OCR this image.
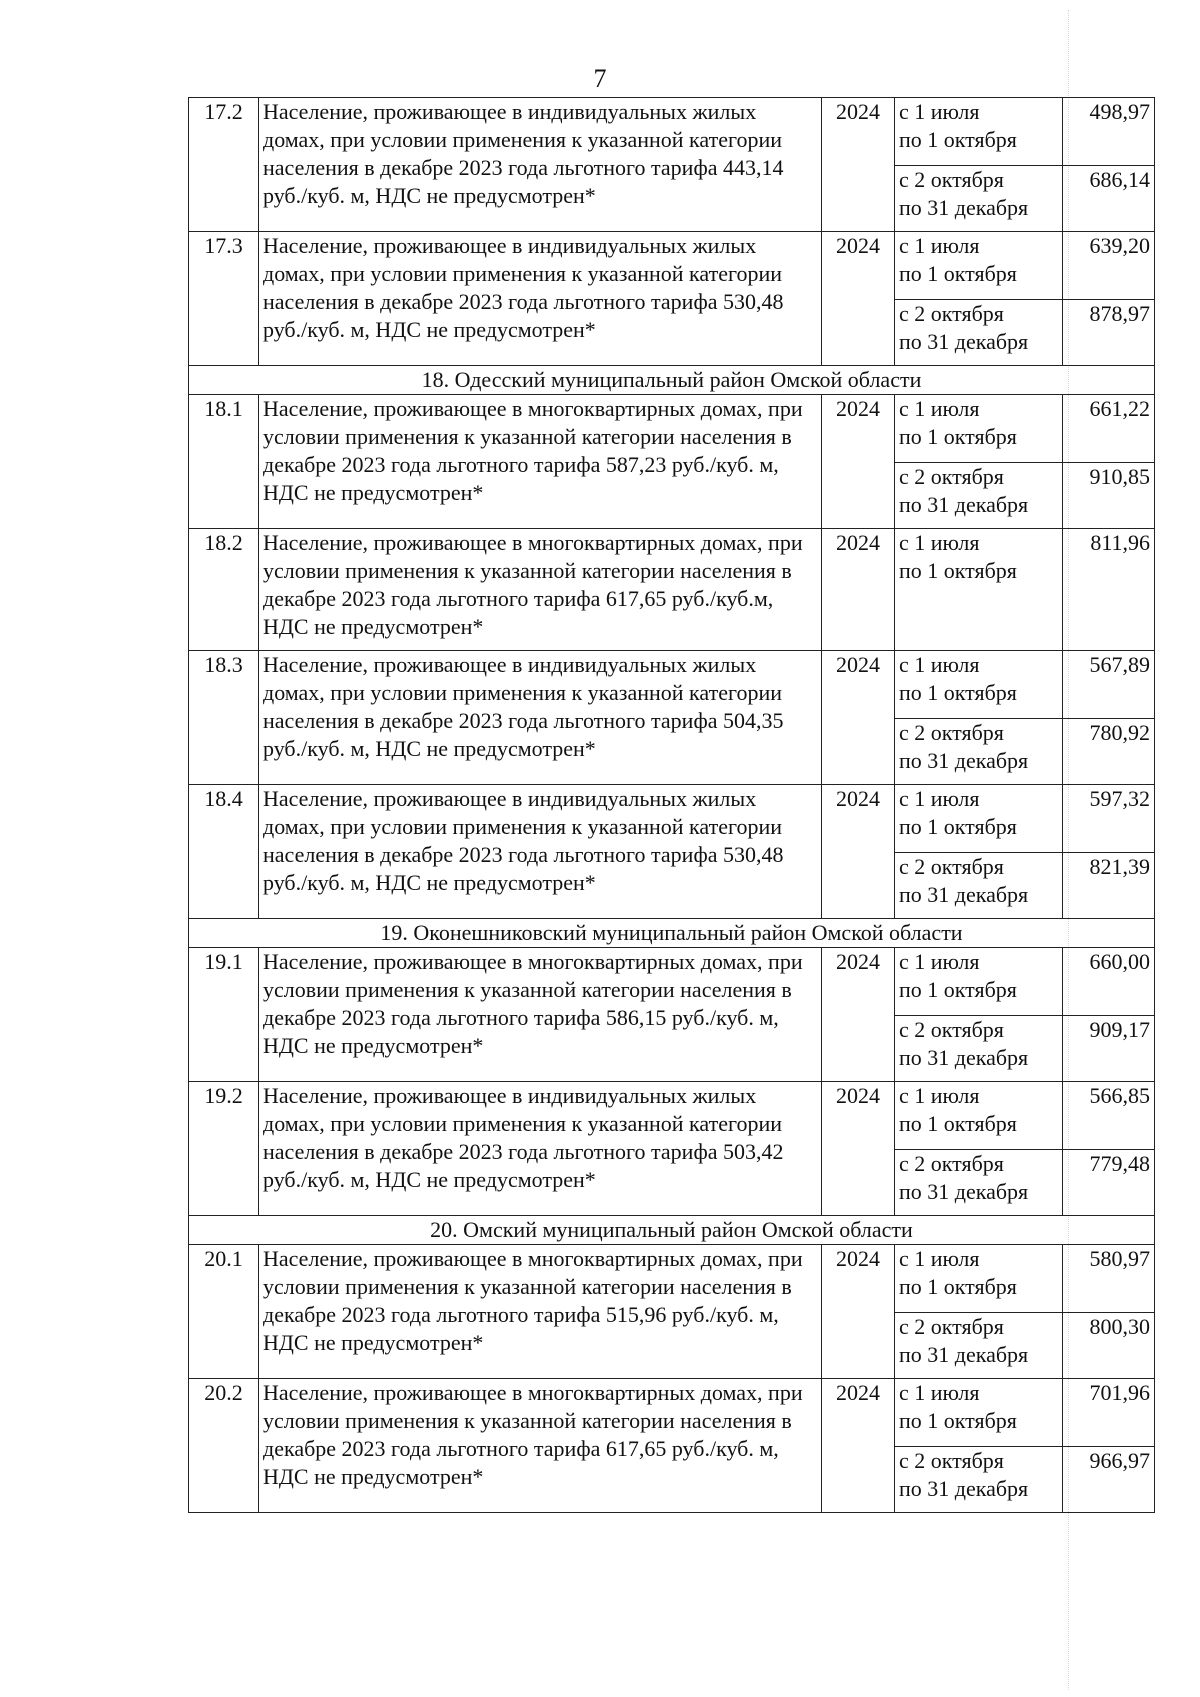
7
17.2	Население, проживающее в индивидуальных жилых домах, при условии применения к указанной категории населения в декабре 2023 года льготного тарифа 443,14 руб./куб. м, НДС не предусмотрен*	2024	с 1 июля
по 1 октября	498,97

			с 2 октября
по 31 декабря	686,14
17.3	Население, проживающее в индивидуальных жилых домах, при условии применения к указанной категории населения в декабре 2023 года льготного тарифа 530,48 руб./куб. м, НДС не предусмотрен*	2024	с 1 июля
по 1 октября	639,20

			с 2 октября
по 31 декабря	878,97
18. Одесский муниципальный район Омской области				
18.1	Население, проживающее в многоквартирных домах, при условии применения к указанной категории населения в декабре 2023 года льготного тарифа 587,23 руб./куб. м, НДС не предусмотрен*	2024	с 1 июля
по 1 октября	661,22

			с 2 октября
по 31 декабря	910,85
18.2	Население, проживающее в многоквартирных домах, при условии применения к указанной категории населения в декабре 2023 года льготного тарифа 617,65 руб./куб.м, НДС не предусмотрен*	2024	с 1 июля
по 1 октября	811,96
18.3	Население, проживающее в индивидуальных жилых домах, при условии применения к указанной категории населения в декабре 2023 года льготного тарифа 504,35 руб./куб. м, НДС не предусмотрен*	2024	с 1 июля
по 1 октября	567,89

			с 2 октября
по 31 декабря	780,92
18.4	Население, проживающее в индивидуальных жилых домах, при условии применения к указанной категории населения в декабре 2023 года льготного тарифа 530,48 руб./куб. м, НДС не предусмотрен*	2024	с 1 июля
по 1 октября	597,32

			с 2 октября
по 31 декабря	821,39
19. Оконешниковский муниципальный район Омской области				
19.1	Население, проживающее в многоквартирных домах, при условии применения к указанной категории населения в декабре 2023 года льготного тарифа 586,15 руб./куб. м, НДС не предусмотрен*	2024	с 1 июля
по 1 октября	660,00

			с 2 октября
по 31 декабря	909,17
19.2	Население, проживающее в индивидуальных жилых домах, при условии применения к указанной категории населения в декабре 2023 года льготного тарифа 503,42 руб./куб. м, НДС не предусмотрен*	2024	с 1 июля
по 1 октября	566,85

			с 2 октября
по 31 декабря	779,48
20. Омский муниципальный район Омской области				
20.1	Население, проживающее в многоквартирных домах, при условии применения к указанной категории населения в декабре 2023 года льготного тарифа 515,96 руб./куб. м, НДС не предусмотрен*	2024	с 1 июля
по 1 октября	580,97

			с 2 октября
по 31 декабря	800,30
20.2	Население, проживающее в многоквартирных домах, при условии применения к указанной категории населения в декабре 2023 года льготного тарифа 617,65 руб./куб. м, НДС не предусмотрен*	2024	с 1 июля
по 1 октября	701,96

			с 2 октября
по 31 декабря	966,97
